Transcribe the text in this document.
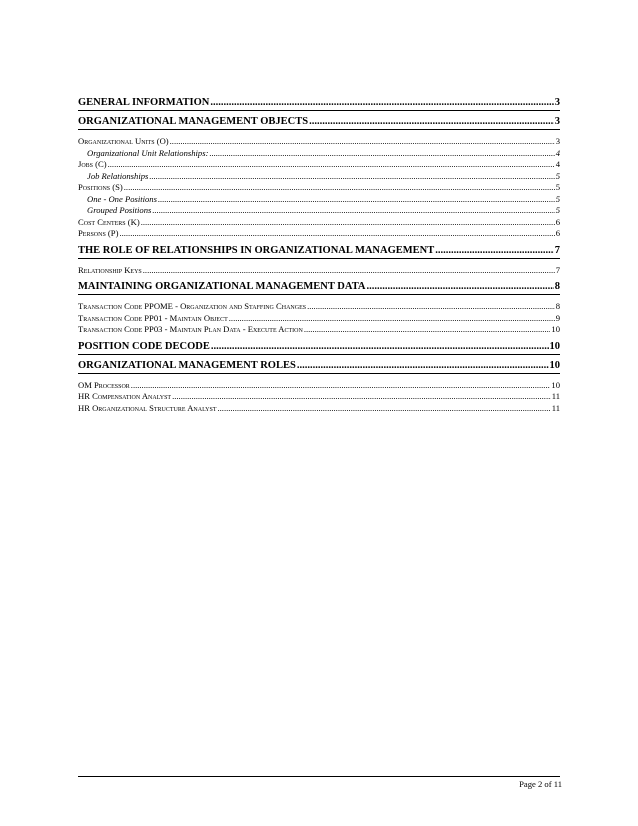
GENERAL INFORMATION .....	3
ORGANIZATIONAL MANAGEMENT OBJECTS .....	3
Organizational Units (O) .....	3
Organizational Unit Relationships: .....	4
Jobs (C) .....	4
Job Relationships .....	5
Positions (S) .....	5
One - One Positions .....	5
Grouped Positions .....	5
Cost Centers (K) .....	6
Persons (P) .....	6
THE ROLE OF RELATIONSHIPS IN ORGANIZATIONAL MANAGEMENT .....	7
Relationship Keys .....	7
MAINTAINING ORGANIZATIONAL MANAGEMENT DATA .....	8
Transaction Code PPOME - Organization and Staffing Changes .....	8
Transaction Code PP01 - Maintain Object .....	9
Transaction Code PP03 - Maintain Plan Data - Execute Action .....	10
POSITION CODE DECODE .....	10
ORGANIZATIONAL MANAGEMENT ROLES .....	10
OM Processor .....	10
HR Compensation Analyst .....	11
HR Organizational Structure Analyst .....	11
Page 2 of 11
